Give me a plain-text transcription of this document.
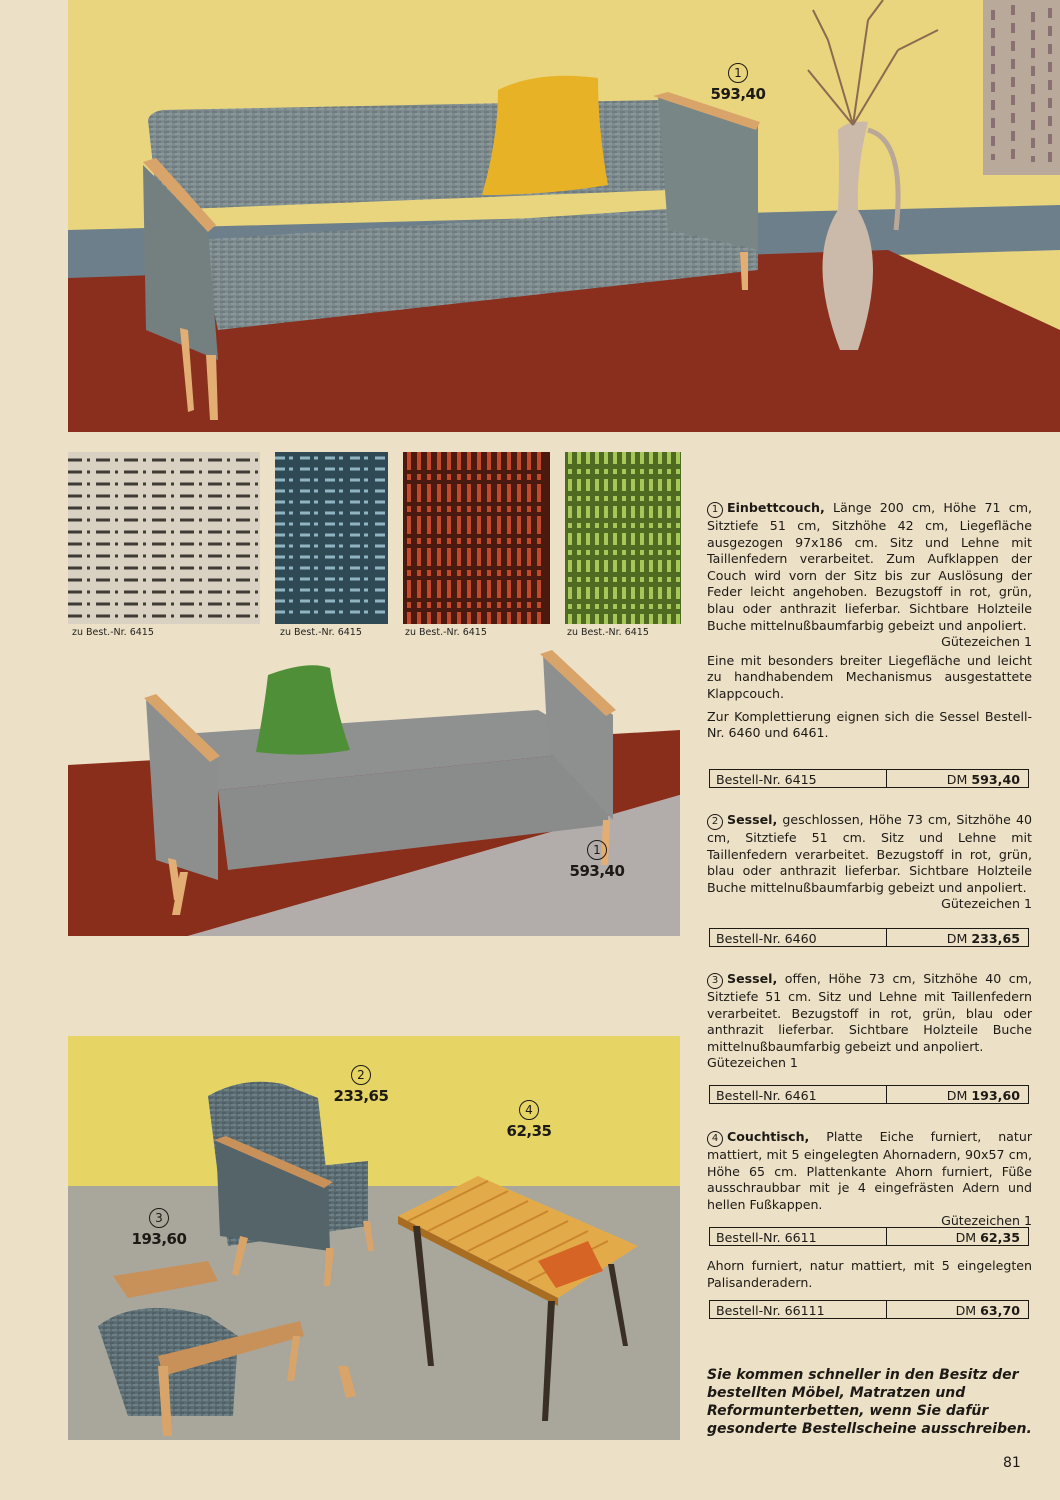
1
593,40
zu Best.-Nr. 6415	zu Best.-Nr. 6415	zu Best.-Nr. 6415	zu Best.-Nr. 6415
1
593,40
2
233,65
4
62,35
3
193,60

1 Einbettcouch, Länge 200 cm, Höhe 71 cm, Sitztiefe 51 cm, Sitzhöhe 42 cm, Liegefläche ausgezogen 97x186 cm. Sitz und Lehne mit Taillenfedern verarbeitet. Zum Aufklappen der Couch wird vorn der Sitz bis zur Auslösung der Feder leicht angehoben. Bezugstoff in rot, grün, blau oder anthrazit lieferbar. Sichtbare Holzteile Buche mittelnußbaumfarbig gebeizt und anpoliert.

Gütezeichen 1

Eine mit besonders breiter Liegefläche und leicht zu handhabendem Mechanismus ausgestattete Klappcouch.

Zur Komplettierung eignen sich die Sessel Bestell-Nr. 6460 und 6461.

Bestell-Nr. 6415	DM 593,40

2 Sessel, geschlossen, Höhe 73 cm, Sitzhöhe 40 cm, Sitztiefe 51 cm. Sitz und Lehne mit Taillenfedern verarbeitet. Bezugstoff in rot, grün, blau oder anthrazit lieferbar. Sichtbare Holzteile Buche mittelnußbaumfarbig gebeizt und anpoliert.

Gütezeichen 1

Bestell-Nr. 6460	DM 233,65

3 Sessel, offen, Höhe 73 cm, Sitzhöhe 40 cm, Sitztiefe 51 cm. Sitz und Lehne mit Taillenfedern verarbeitet. Bezugstoff in rot, grün, blau oder anthrazit lieferbar. Sichtbare Holzteile Buche mittelnußbaumfarbig gebeizt und anpoliert.

Gütezeichen 1

Bestell-Nr. 6461	DM 193,60

4 Couchtisch, Platte Eiche furniert, natur mattiert, mit 5 eingelegten Ahornadern, 90x57 cm, Höhe 65 cm. Plattenkante Ahorn furniert, Füße ausschraubbar mit je 4 eingefrästen Adern und hellen Fußkappen.

Gütezeichen 1

Bestell-Nr. 6611	DM 62,35
Ahorn furniert, natur mattiert, mit 5 eingelegten Palisanderadern.
Bestell-Nr. 66111	DM 63,70
Sie kommen schneller in den Besitz der bestellten Möbel, Matratzen und Reformunterbetten, wenn Sie dafür gesonderte Bestellscheine ausschreiben.
81
